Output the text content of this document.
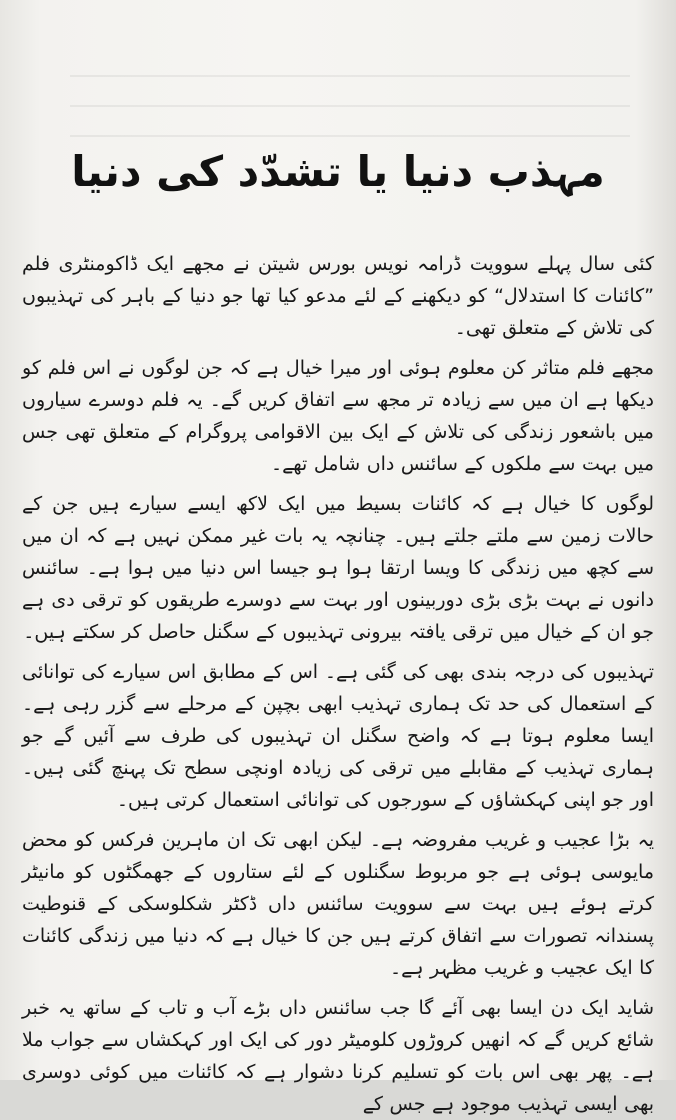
مہذب دنیا یا تشدّد کی دنیا

کئی سال پہلے سوویت ڈرامہ نویس بورس شیتن نے مجھے ایک ڈاکومنٹری فلم ”کائنات کا استدلال“ کو دیکھنے کے لئے مدعو کیا تھا جو دنیا کے باہر کی تہذیبوں کی تلاش کے متعلق تھی۔

مجھے فلم متاثر کن معلوم ہوئی اور میرا خیال ہے کہ جن لوگوں نے اس فلم کو دیکھا ہے ان میں سے زیادہ تر مجھ سے اتفاق کریں گے۔ یہ فلم دوسرے سیاروں میں باشعور زندگی کی تلاش کے ایک بین الاقوامی پروگرام کے متعلق تھی جس میں بہت سے ملکوں کے سائنس داں شامل تھے۔

لوگوں کا خیال ہے کہ کائنات بسیط میں ایک لاکھ ایسے سیارے ہیں جن کے حالات زمین سے ملتے جلتے ہیں۔ چنانچہ یہ بات غیر ممکن نہیں ہے کہ ان میں سے کچھ میں زندگی کا ویسا ارتقا ہوا ہو جیسا اس دنیا میں ہوا ہے۔ سائنس دانوں نے بہت بڑی بڑی دوربینوں اور بہت سے دوسرے طریقوں کو ترقی دی ہے جو ان کے خیال میں ترقی یافتہ بیرونی تہذیبوں کے سگنل حاصل کر سکتے ہیں۔

تہذیبوں کی درجہ بندی بھی کی گئی ہے۔ اس کے مطابق اس سیارے کی توانائی کے استعمال کی حد تک ہماری تہذیب ابھی بچپن کے مرحلے سے گزر رہی ہے۔ ایسا معلوم ہوتا ہے کہ واضح سگنل ان تہذیبوں کی طرف سے آئیں گے جو ہماری تہذیب کے مقابلے میں ترقی کی زیادہ اونچی سطح تک پہنچ گئی ہیں۔ اور جو اپنی کہکشاؤں کے سورجوں کی توانائی استعمال کرتی ہیں۔

یہ بڑا عجیب و غریب مفروضہ ہے۔ لیکن ابھی تک ان ماہرین فرکس کو محض مایوسی ہوئی ہے جو مربوط سگنلوں کے لئے ستاروں کے جھمگٹوں کو مانیٹر کرتے ہوئے ہیں بہت سے سوویت سائنس داں ڈکٹر شکلوسکی کے قنوطیت پسندانہ تصورات سے اتفاق کرتے ہیں جن کا خیال ہے کہ دنیا میں زندگی کائنات کا ایک عجیب و غریب مظہر ہے۔

شاید ایک دن ایسا بھی آئے گا جب سائنس داں بڑے آب و تاب کے ساتھ یہ خبر شائع کریں گے کہ انھیں کروڑوں کلومیٹر دور کی ایک اور کہکشاں سے جواب ملا ہے۔ پھر بھی اس بات کو تسلیم کرنا دشوار ہے کہ کائنات میں کوئی دوسری بھی ایسی تہذیب موجود ہے جس کے
